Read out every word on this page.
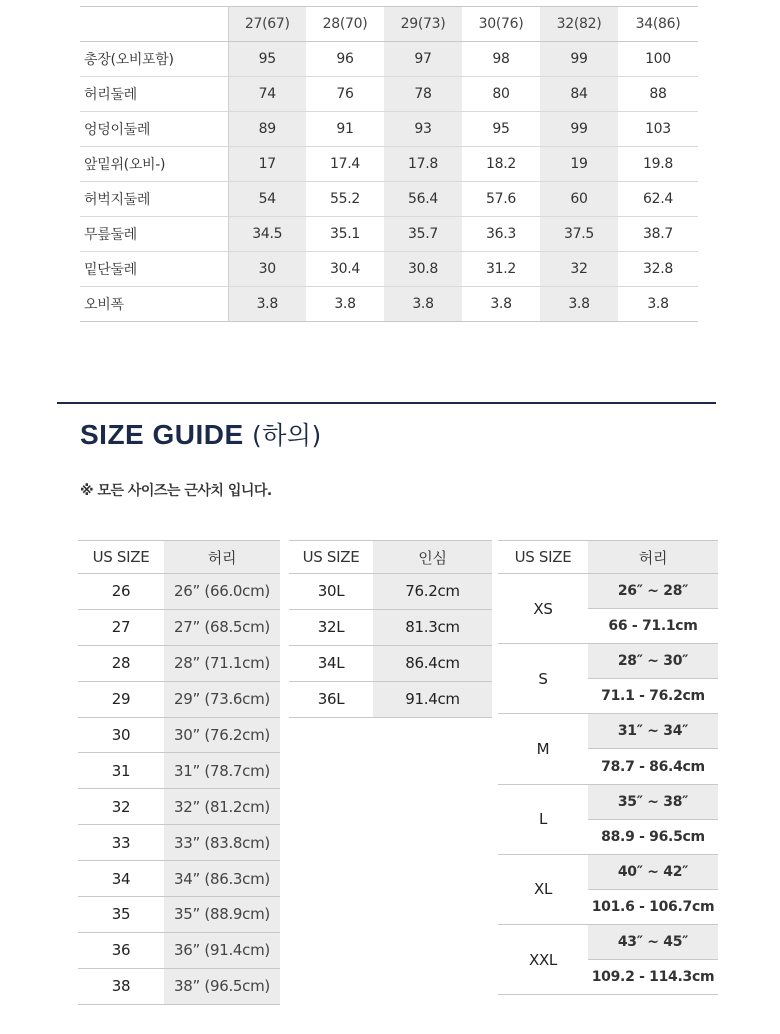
	27(67)	28(70)	29(73)	30(76)	32(82)	34(86)
총장(오비포함)	95	96	97	98	99	100
허리둘레	74	76	78	80	84	88
엉덩이둘레	89	91	93	95	99	103
앞밑위(오비-)	17	17.4	17.8	18.2	19	19.8
허벅지둘레	54	55.2	56.4	57.6	60	62.4
무릎둘레	34.5	35.1	35.7	36.3	37.5	38.7
밑단둘레	30	30.4	30.8	31.2	32	32.8
오비폭	3.8	3.8	3.8	3.8	3.8	3.8
SIZE GUIDE (하의)
※ 모든 사이즈는 근사치 입니다.
US SIZE	허리
26	26” (66.0cm)
27	27” (68.5cm)
28	28” (71.1cm)
29	29” (73.6cm)
30	30” (76.2cm)
31	31” (78.7cm)
32	32” (81.2cm)
33	33” (83.8cm)
34	34” (86.3cm)
35	35” (88.9cm)
36	36” (91.4cm)
38	38” (96.5cm)
US SIZE	인심
30L	76.2cm
32L	81.3cm
34L	86.4cm
36L	91.4cm
US SIZE	허리
XS	26″ ~ 28″
	66 - 71.1cm
S	28″ ~ 30″
	71.1 - 76.2cm
M	31″ ~ 34″
	78.7 - 86.4cm
L	35″ ~ 38″
	88.9 - 96.5cm
XL	40″ ~ 42″
	101.6 - 106.7cm
XXL	43″ ~ 45″
	109.2 - 114.3cm
